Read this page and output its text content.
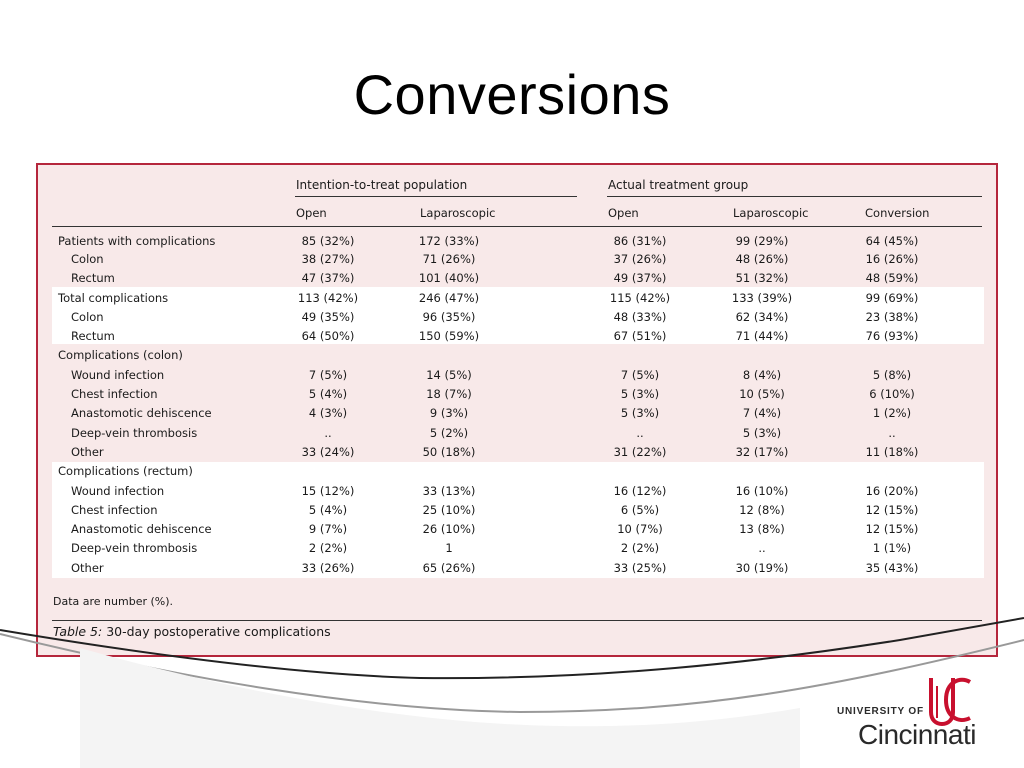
Conversions
Intention-to-treat population	Actual treatment group
Open	Laparoscopic	Open	Laparoscopic	Conversion
Patients with complications	85 (32%)	172 (33%)	86 (31%)	99 (29%)	64 (45%)
Colon	38 (27%)	71 (26%)	37 (26%)	48 (26%)	16 (26%)
Rectum	47 (37%)	101 (40%)	49 (37%)	51 (32%)	48 (59%)
Total complications	113 (42%)	246 (47%)	115 (42%)	133 (39%)	99 (69%)
Colon	49 (35%)	96 (35%)	48 (33%)	62 (34%)	23 (38%)
Rectum	64 (50%)	150 (59%)	67 (51%)	71 (44%)	76 (93%)
Complications (colon)
Wound infection	7 (5%)	14 (5%)	7 (5%)	8 (4%)	5 (8%)
Chest infection	5 (4%)	18 (7%)	5 (3%)	10 (5%)	6 (10%)
Anastomotic dehiscence	4 (3%)	9 (3%)	5 (3%)	7 (4%)	1 (2%)
Deep-vein thrombosis	..	5 (2%)	..	5 (3%)	..
Other	33 (24%)	50 (18%)	31 (22%)	32 (17%)	11 (18%)
Complications (rectum)
Wound infection	15 (12%)	33 (13%)	16 (12%)	16 (10%)	16 (20%)
Chest infection	5 (4%)	25 (10%)	6 (5%)	12 (8%)	12 (15%)
Anastomotic dehiscence	9 (7%)	26 (10%)	10 (7%)	13 (8%)	12 (15%)
Deep-vein thrombosis	2 (2%)	1	2 (2%)	..	1 (1%)
Other	33 (26%)	65 (26%)	33 (25%)	30 (19%)	35 (43%)
Data are number (%).
Table 5: 30-day postoperative complications
UNIVERSITY OF
Cincinnati
